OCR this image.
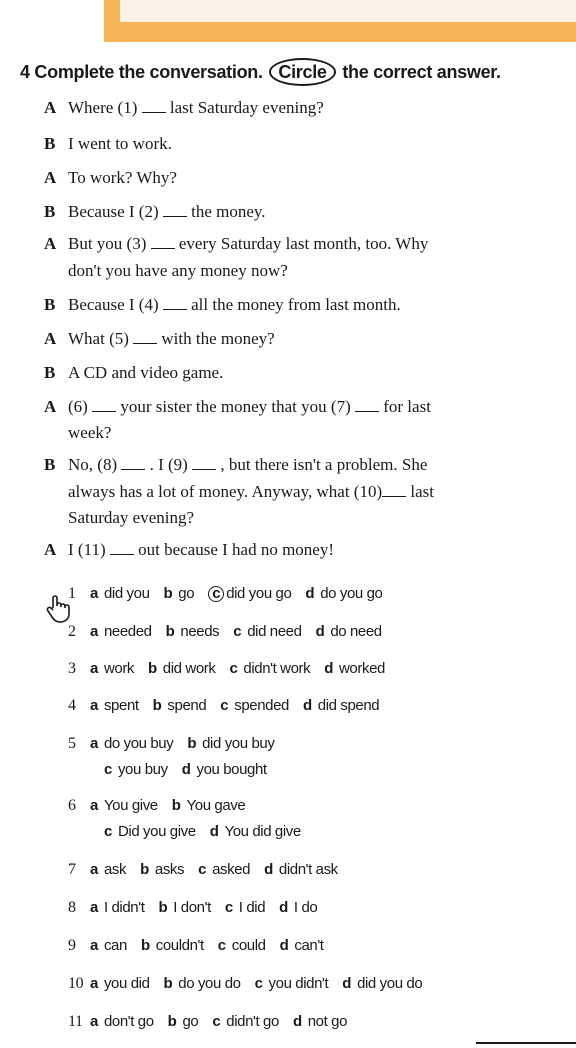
4 Complete the conversation. Circle the correct answer.
A Where (1)  last Saturday evening?
B I went to work.
A To work? Why?
B Because I (2)  the money.
A But you (3)  every Saturday last month, too. Why
don't you have any money now?
B Because I (4)  all the money from last month.
A What (5)  with the money?
B A CD and video game.
A (6)  your sister the money that you (7)  for last
week?
B No, (8)  . I (9)  , but there isn't a problem. She
always has a lot of money. Anyway, what (10) last
Saturday evening?
A I (11)  out because I had no money!
1 a did you b go c did you go d do you go
2 a needed b needs c did need d do need
3 a work b did work c didn't work d worked
4 a spent b spend c spended d did spend
5 a do you buy b did you buy
c you buy d you bought
6 a You give b You gave
c Did you give d You did give
7 a ask b asks c asked d didn't ask
8 a I didn't b I don't c I did d I do
9 a can b couldn't c could d can't
10 a you did b do you do c you didn't d did you do
11 a don't go b go c didn't go d not go
